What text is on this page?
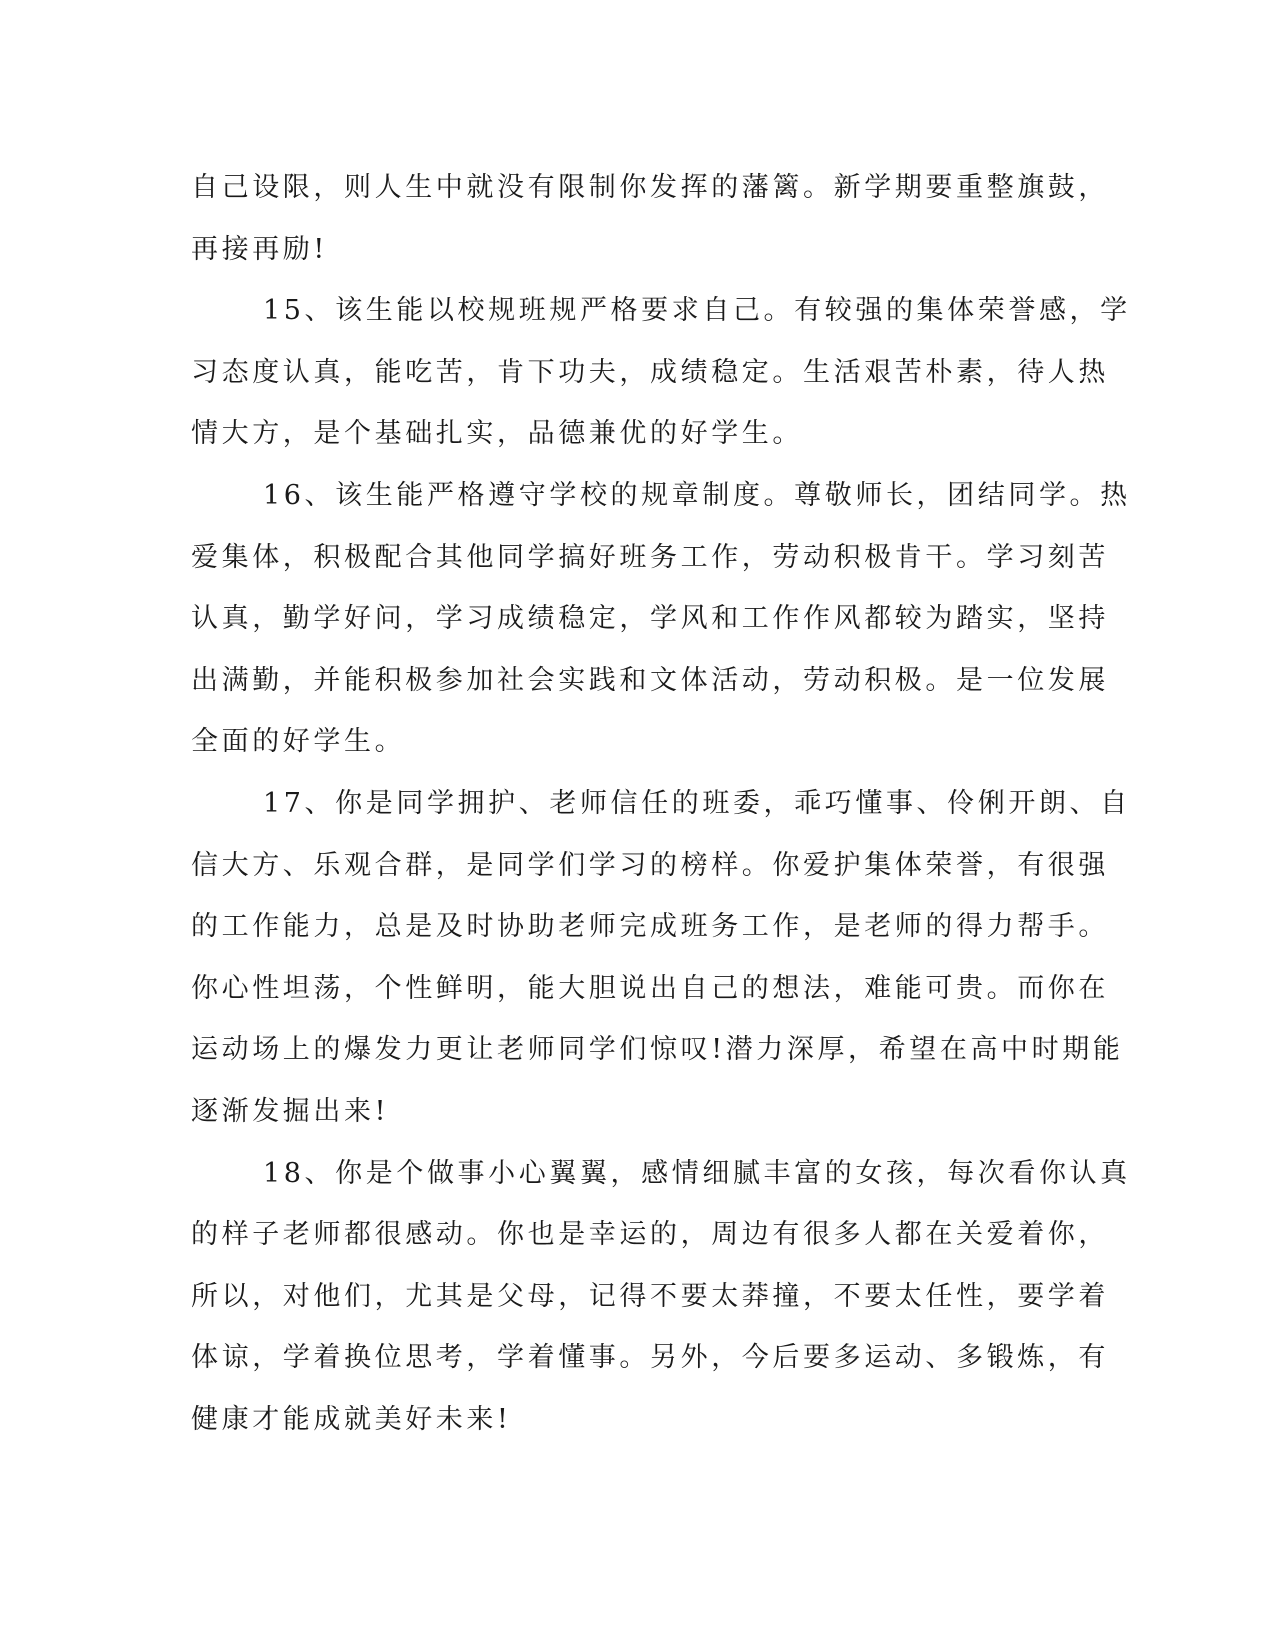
自己设限，则人生中就没有限制你发挥的藩篱。新学期要重整旗鼓，
再接再励!
15、该生能以校规班规严格要求自己。有较强的集体荣誉感，学
习态度认真，能吃苦，肯下功夫，成绩稳定。生活艰苦朴素，待人热
情大方，是个基础扎实，品德兼优的好学生。
16、该生能严格遵守学校的规章制度。尊敬师长，团结同学。热
爱集体，积极配合其他同学搞好班务工作，劳动积极肯干。学习刻苦
认真，勤学好问，学习成绩稳定，学风和工作作风都较为踏实，坚持
出满勤，并能积极参加社会实践和文体活动，劳动积极。是一位发展
全面的好学生。
17、你是同学拥护、老师信任的班委，乖巧懂事、伶俐开朗、自
信大方、乐观合群，是同学们学习的榜样。你爱护集体荣誉，有很强
的工作能力，总是及时协助老师完成班务工作，是老师的得力帮手。
你心性坦荡，个性鲜明，能大胆说出自己的想法，难能可贵。而你在
运动场上的爆发力更让老师同学们惊叹!潜力深厚，希望在高中时期能
逐渐发掘出来!
18、你是个做事小心翼翼，感情细腻丰富的女孩，每次看你认真
的样子老师都很感动。你也是幸运的，周边有很多人都在关爱着你，
所以，对他们，尤其是父母，记得不要太莽撞，不要太任性，要学着
体谅，学着换位思考，学着懂事。另外，今后要多运动、多锻炼，有
健康才能成就美好未来!
